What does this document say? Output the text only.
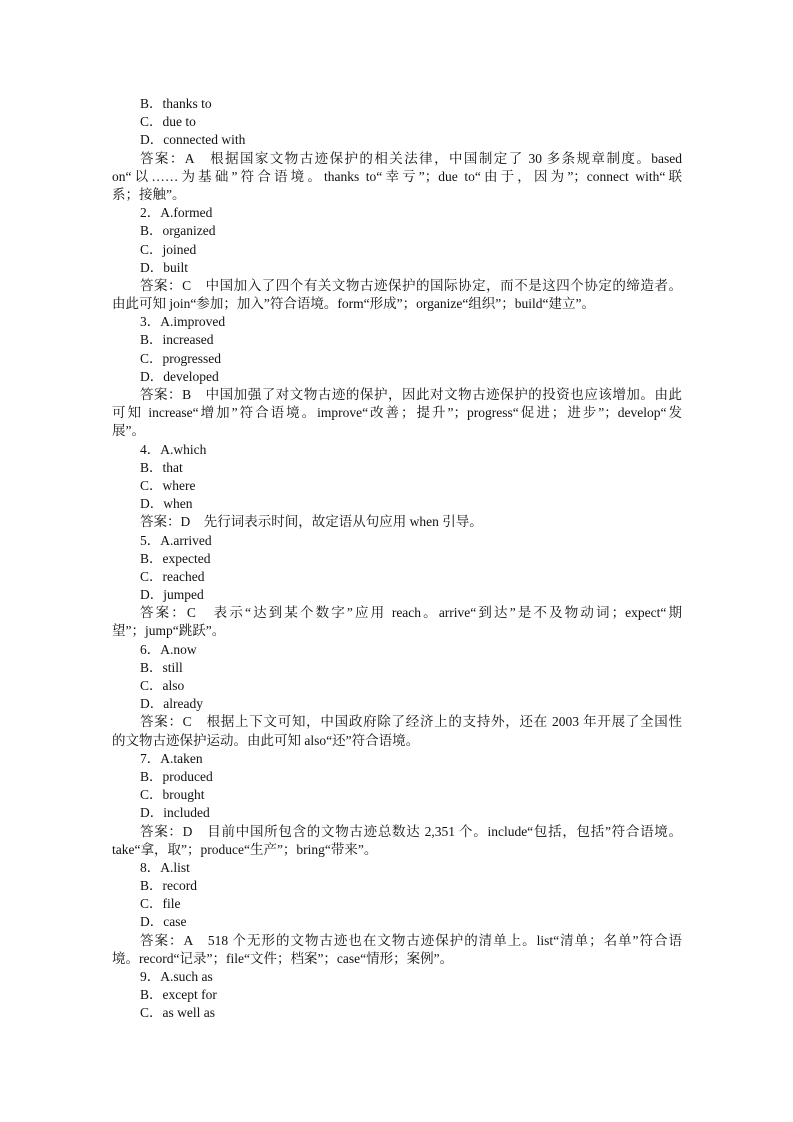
B．thanks to
C．due to
D．connected with
答案：A　根据国家文物古迹保护的相关法律，中国制定了 30 多条规章制度。based
on“以……为基础”符合语境。thanks to“幸亏”；due to“由于，因为”；connect with“联
系；接触”。
2．A.formed
B．organized
C．joined
D．built
答案：C　中国加入了四个有关文物古迹保护的国际协定，而不是这四个协定的缔造者。
由此可知 join“参加；加入”符合语境。form“形成”；organize“组织”；build“建立”。
3．A.improved
B．increased
C．progressed
D．developed
答案：B　中国加强了对文物古迹的保护，因此对文物古迹保护的投资也应该增加。由此
可知 increase“增加”符合语境。improve“改善；提升”；progress“促进；进步”；develop“发
展”。
4．A.which
B．that
C．where
D．when
答案：D　先行词表示时间，故定语从句应用 when 引导。
5．A.arrived
B．expected
C．reached
D．jumped
答案：C　表示“达到某个数字”应用 reach。arrive“到达”是不及物动词；expect“期
望”；jump“跳跃”。
6．A.now
B．still
C．also
D．already
答案：C　根据上下文可知，中国政府除了经济上的支持外，还在 2003 年开展了全国性
的文物古迹保护运动。由此可知 also“还”符合语境。
7．A.taken
B．produced
C．brought
D．included
答案：D　目前中国所包含的文物古迹总数达 2,351 个。include“包括，包括”符合语境。
take“拿，取”；produce“生产”；bring“带来”。
8．A.list
B．record
C．file
D．case
答案：A　518 个无形的文物古迹也在文物古迹保护的清单上。list“清单；名单”符合语
境。record“记录”；file“文件；档案”；case“情形；案例”。
9．A.such as
B．except for
C．as well as
